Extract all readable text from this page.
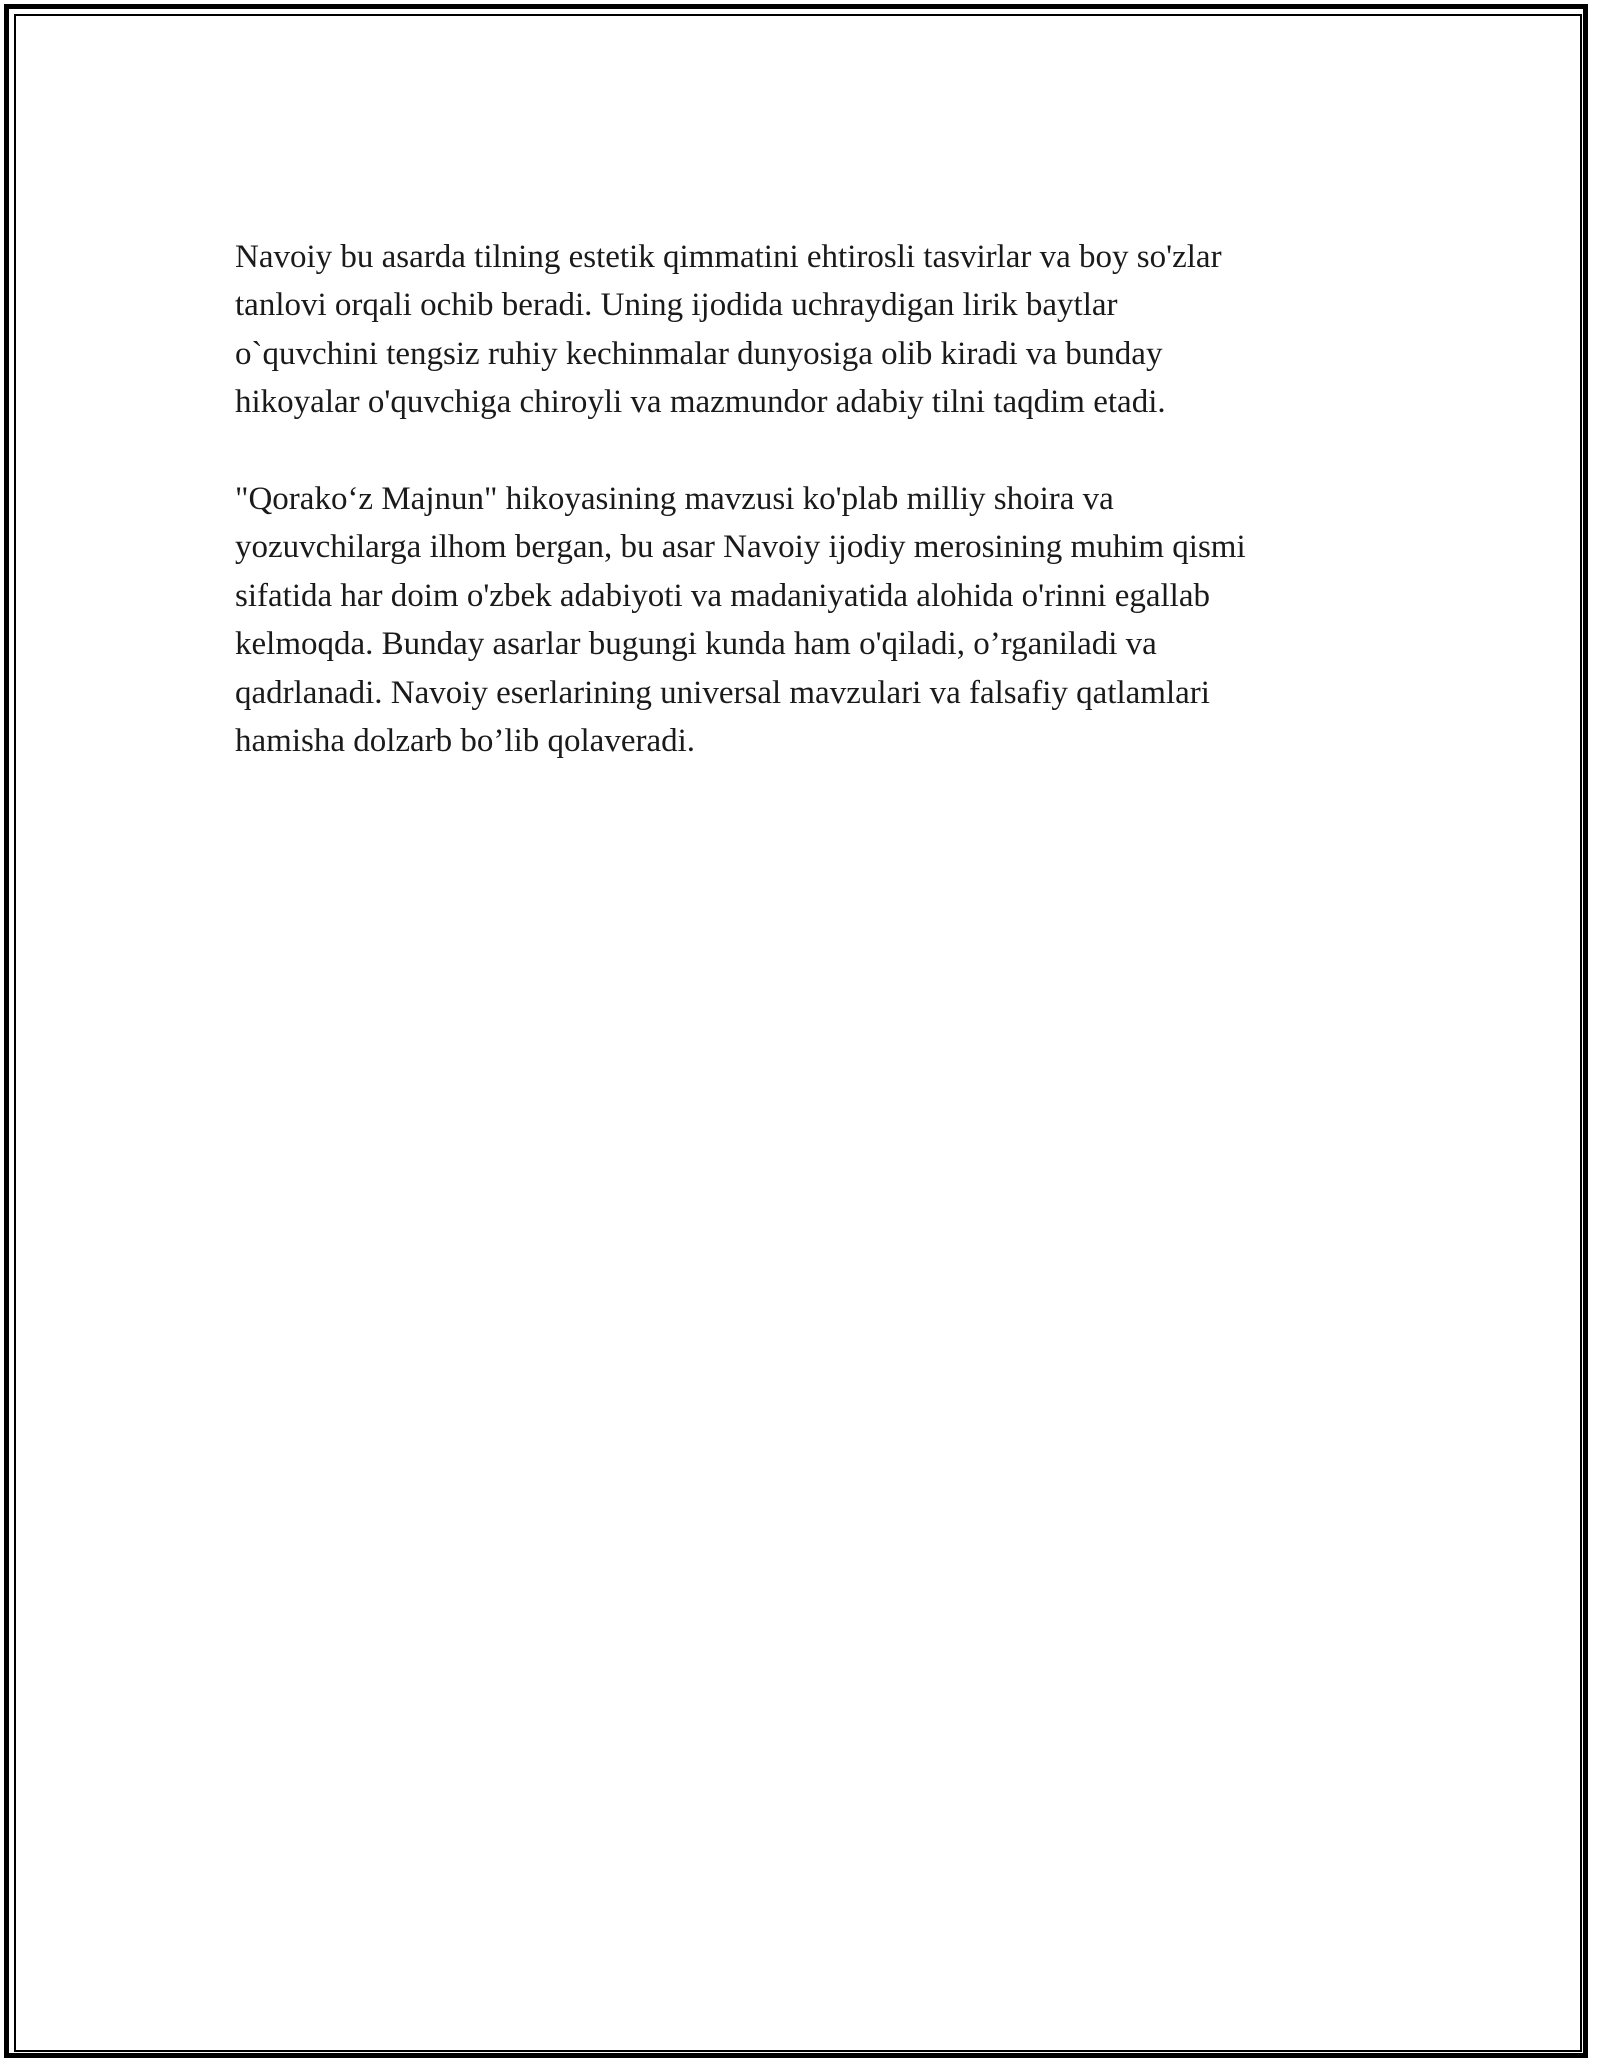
Navoiy bu asarda tilning estetik qimmatini ehtirosli tasvirlar va boy so'zlar
tanlovi orqali ochib beradi. Uning ijodida uchraydigan lirik baytlar
o`quvchini tengsiz ruhiy kechinmalar dunyosiga olib kiradi va bunday
hikoyalar o'quvchiga chiroyli va mazmundor adabiy tilni taqdim etadi.

"Qorakoʻz Majnun" hikoyasining mavzusi ko'plab milliy shoira va
yozuvchilarga ilhom bergan, bu asar Navoiy ijodiy merosining muhim qismi
sifatida har doim o'zbek adabiyoti va madaniyatida alohida o'rinni egallab
kelmoqda. Bunday asarlar bugungi kunda ham o'qiladi, o’rganiladi va
qadrlanadi. Navoiy eserlarining universal mavzulari va falsafiy qatlamlari
hamisha dolzarb bo’lib qolaveradi.
